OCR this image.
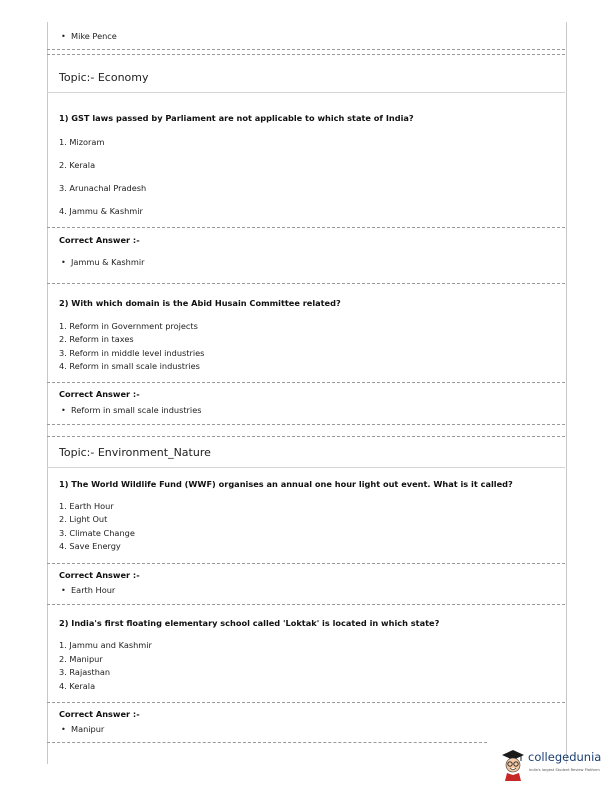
• Mike Pence
Topic:- Economy
1) GST laws passed by Parliament are not applicable to which state of India?
1. Mizoram
2. Kerala
3. Arunachal Pradesh
4. Jammu & Kashmir
Correct Answer :-
• Jammu & Kashmir
2) With which domain is the Abid Husain Committee related?
1. Reform in Government projects
2. Reform in taxes
3. Reform in middle level industries
4. Reform in small scale industries
Correct Answer :-
• Reform in small scale industries
Topic:- Environment_Nature
1) The World Wildlife Fund (WWF) organises an annual one hour light out event. What is it called?
1. Earth Hour
2. Light Out
3. Climate Change
4. Save Energy
Correct Answer :-
• Earth Hour
2) India's first floating elementary school called 'Loktak' is located in which state?
1. Jammu and Kashmir
2. Manipur
3. Rajasthan
4. Kerala
Correct Answer :-
• Manipur
collegedunia
India's largest Student Review Platform
